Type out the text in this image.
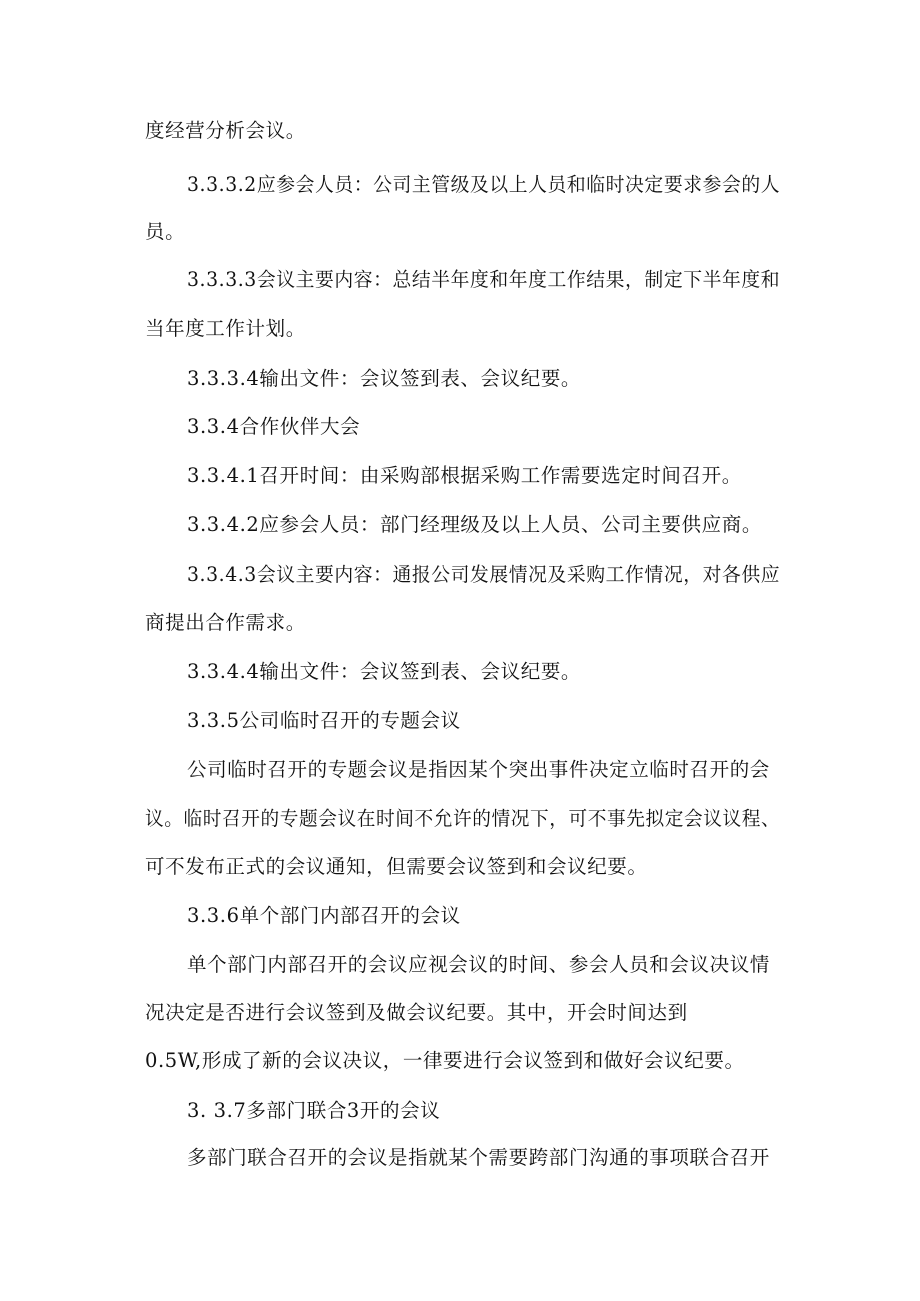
度经营分析会议。
3.3.3.2应参会人员：公司主管级及以上人员和临时决定要求参会的人
员。
3.3.3.3会议主要内容：总结半年度和年度工作结果，制定下半年度和
当年度工作计划。
3.3.3.4输出文件：会议签到表、会议纪要。
3.3.4合作伙伴大会
3.3.4.1召开时间：由采购部根据采购工作需要选定时间召开。
3.3.4.2应参会人员：部门经理级及以上人员、公司主要供应商。
3.3.4.3会议主要内容：通报公司发展情况及采购工作情况，对各供应
商提出合作需求。
3.3.4.4输出文件：会议签到表、会议纪要。
3.3.5公司临时召开的专题会议
公司临时召开的专题会议是指因某个突出事件决定立临时召开的会
议。临时召开的专题会议在时间不允许的情况下，可不事先拟定会议议程、
可不发布正式的会议通知，但需要会议签到和会议纪要。
3.3.6单个部门内部召开的会议
单个部门内部召开的会议应视会议的时间、参会人员和会议决议情
况决定是否进行会议签到及做会议纪要。其中，开会时间达到
0.5W,形成了新的会议决议，一律要进行会议签到和做好会议纪要。
3. 3.7多部门联合3开的会议
多部门联合召开的会议是指就某个需要跨部门沟通的事项联合召开
